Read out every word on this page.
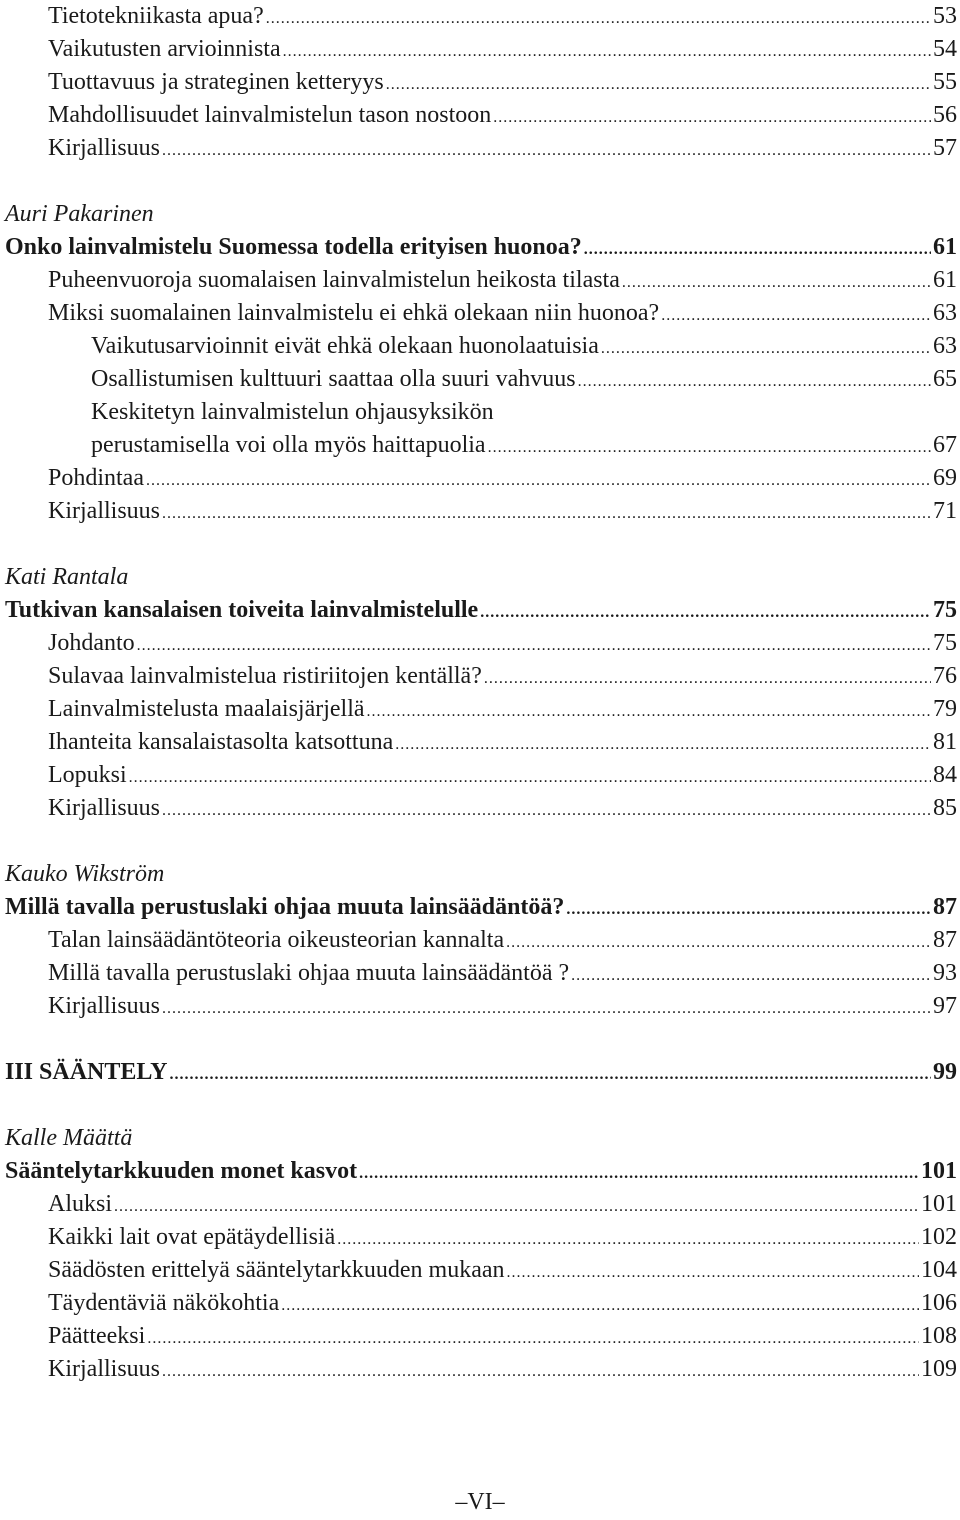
Tietotekniikasta apua? .....	53
Vaikutusten arvioinnista .....	54
Tuottavuus ja strateginen ketteryys .....	55
Mahdollisuudet lainvalmistelun tason nostoon .....	56
Kirjallisuus .....	57
Auri Pakarinen
Onko lainvalmistelu Suomessa todella erityisen huonoa? .....	61
Puheenvuoroja suomalaisen lainvalmistelun heikosta tilasta .....	61
Miksi suomalainen lainvalmistelu ei ehkä olekaan niin huonoa? .....	63
Vaikutusarvioinnit eivät ehkä olekaan huonolaatuisia .....	63
Osallistumisen kulttuuri saattaa olla suuri vahvuus .....	65
Keskitetyn lainvalmistelun ohjausyksikön
perustamisella voi olla myös haittapuolia .....	67
Pohdintaa .....	69
Kirjallisuus .....	71
Kati Rantala
Tutkivan kansalaisen toiveita lainvalmistelulle .....	75
Johdanto .....	75
Sulavaa lainvalmistelua ristiriitojen kentällä? .....	76
Lainvalmistelusta maalaisjärjellä .....	79
Ihanteita kansalaistasolta katsottuna .....	81
Lopuksi .....	84
Kirjallisuus .....	85
Kauko Wikström
Millä tavalla perustuslaki ohjaa muuta lainsäädäntöä? .....	87
Talan lainsäädäntöteoria oikeusteorian kannalta .....	87
Millä tavalla perustuslaki ohjaa muuta lainsäädäntöä ? .....	93
Kirjallisuus .....	97
III SÄÄNTELY .....	99
Kalle Määttä
Sääntelytarkkuuden monet kasvot .....	101
Aluksi .....	101
Kaikki lait ovat epätäydellisiä .....	102
Säädösten erittelyä sääntelytarkkuuden mukaan .....	104
Täydentäviä näkökohtia .....	106
Päätteeksi .....	108
Kirjallisuus .....	109
–VI–
